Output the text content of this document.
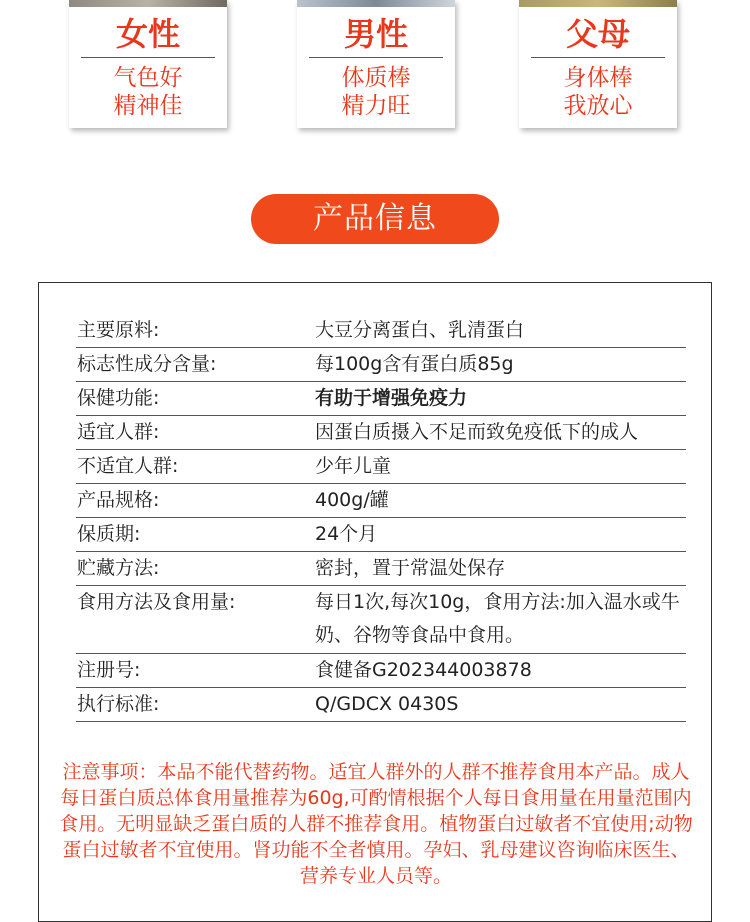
女性
气色好
精神佳
男性
体质棒
精力旺
父母
身体棒
我放心
产品信息
主要原料:	大豆分离蛋白、乳清蛋白
标志性成分含量:	每100g含有蛋白质85g
保健功能:	有助于增强免疫力
适宜人群:	因蛋白质摄入不足而致免疫低下的成人
不适宜人群:	少年儿童
产品规格:	400g/罐
保质期:	24个月
贮藏方法:	密封，置于常温处保存
食用方法及食用量:	每日1次,每次10g，食用方法:加入温水或牛奶、谷物等食品中食用。
注册号:	食健备G202344003878
执行标准:	Q/GDCX 0430S
注意事项：本品不能代替药物。适宜人群外的人群不推荐食用本产品。成人每日蛋白质总体食用量推荐为60g,可酌情根据个人每日食用量在用量范围内食用。无明显缺乏蛋白质的人群不推荐食用。植物蛋白过敏者不宜使用;动物蛋白过敏者不宜使用。肾功能不全者慎用。孕妇、乳母建议咨询临床医生、营养专业人员等。
